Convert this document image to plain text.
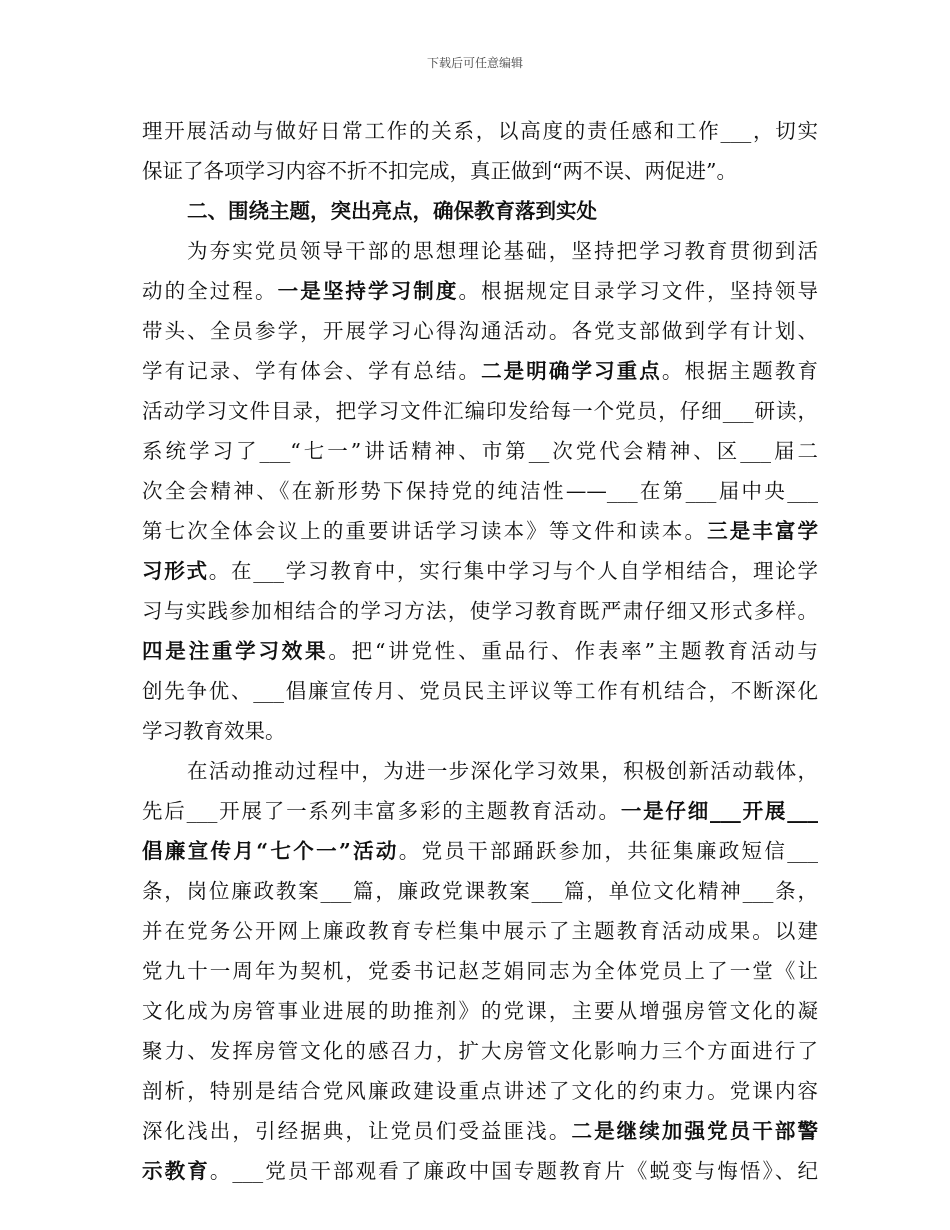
下载后可任意编辑
理开展活动与做好日常工作的关系，以高度的责任感和工作___，切实
保证了各项学习内容不折不扣完成，真正做到“两不误、两促进”。
二、围绕主题，突出亮点，确保教育落到实处
为夯实党员领导干部的思想理论基础，坚持把学习教育贯彻到活
动的全过程。一是坚持学习制度。根据规定目录学习文件，坚持领导
带头、全员参学，开展学习心得沟通活动。各党支部做到学有计划、
学有记录、学有体会、学有总结。二是明确学习重点。根据主题教育
活动学习文件目录，把学习文件汇编印发给每一个党员，仔细___研读，
系统学习了___“七一”讲话精神、市第__次党代会精神、区___届二
次全会精神、《在新形势下保持党的纯洁性——___在第___届中央___
第七次全体会议上的重要讲话学习读本》等文件和读本。三是丰富学
习形式。在___学习教育中，实行集中学习与个人自学相结合，理论学
习与实践参加相结合的学习方法，使学习教育既严肃仔细又形式多样。
四是注重学习效果。把“讲党性、重品行、作表率”主题教育活动与
创先争优、___倡廉宣传月、党员民主评议等工作有机结合，不断深化
学习教育效果。
在活动推动过程中，为进一步深化学习效果，积极创新活动载体，
先后___开展了一系列丰富多彩的主题教育活动。一是仔细___开展___
倡廉宣传月“七个一”活动。党员干部踊跃参加，共征集廉政短信___
条，岗位廉政教案___篇，廉政党课教案___篇，单位文化精神___条，
并在党务公开网上廉政教育专栏集中展示了主题教育活动成果。以建
党九十一周年为契机，党委书记赵芝娟同志为全体党员上了一堂《让
文化成为房管事业进展的助推剂》的党课，主要从增强房管文化的凝
聚力、发挥房管文化的感召力，扩大房管文化影响力三个方面进行了
剖析，特别是结合党风廉政建设重点讲述了文化的约束力。党课内容
深化浅出，引经据典，让党员们受益匪浅。二是继续加强党员干部警
示教育。___党员干部观看了廉政中国专题教育片《蜕变与悔悟》、纪
